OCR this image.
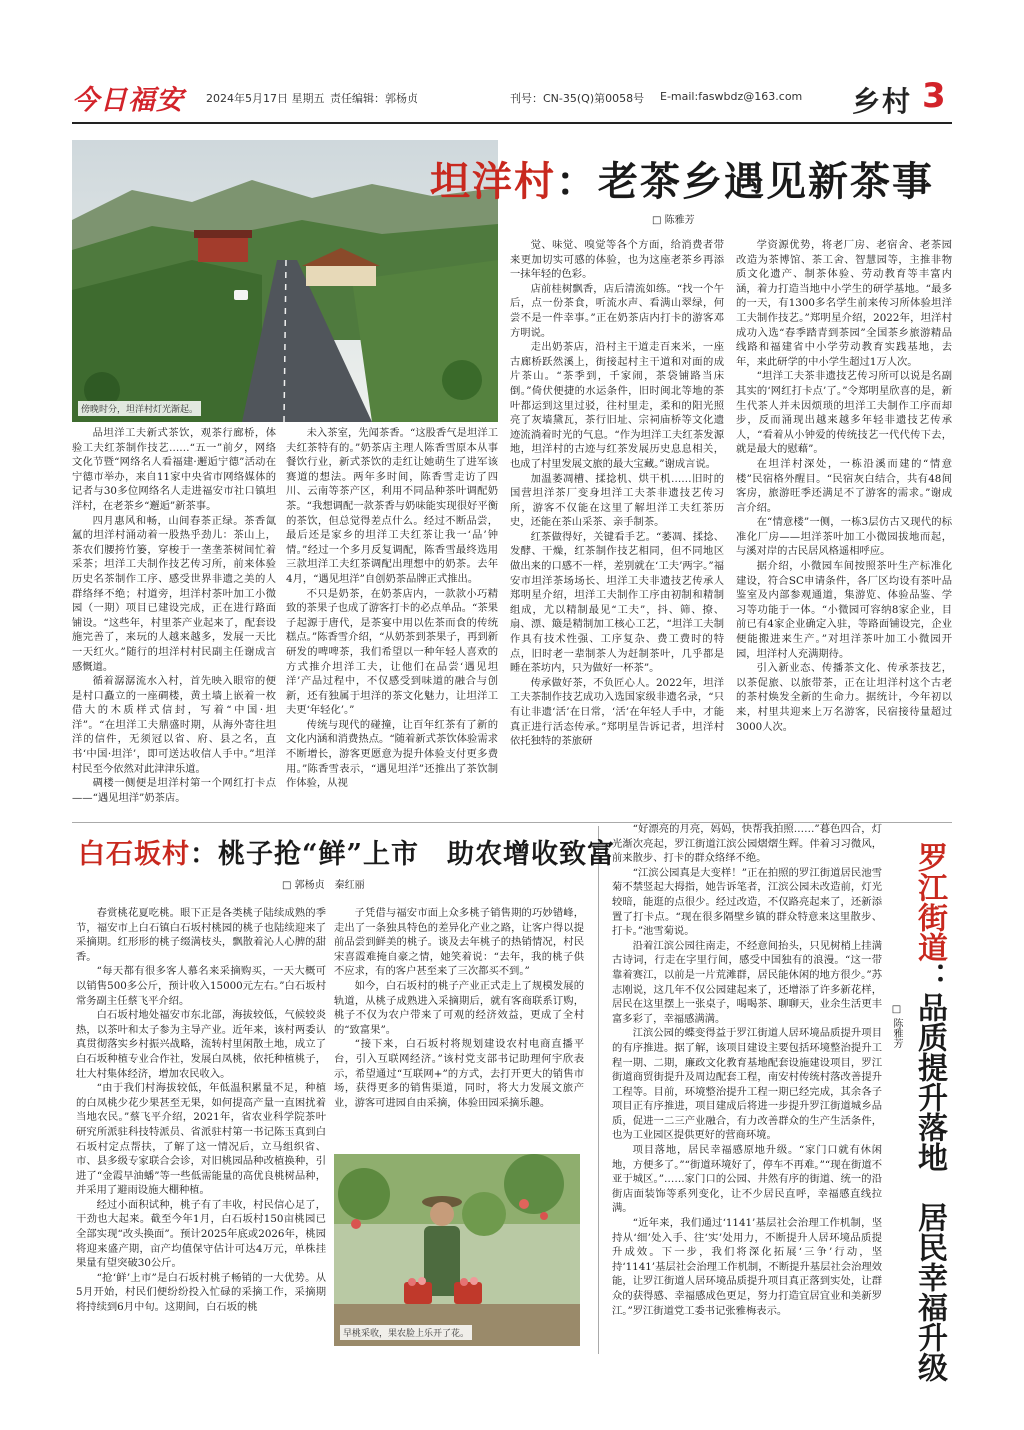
今日福安 2024年5月17日 星期五 责任编辑：郭杨贞	刊号：CN-35(Q)第0058号 E-mail:faswbdz@163.com 乡村 3
傍晚时分，坦洋村灯光渐起。
坦洋村：老茶乡遇见新茶事
□ 陈雅芳

品坦洋工夫新式茶饮，观茶行廊桥，体验工夫红茶制作技艺……“五一”前夕，网络文化节暨“网络名人看福建·邂逅宁德”活动在宁德市举办，来自11家中央省市网络媒体的记者与30多位网络名人走进福安市社口镇坦洋村，在老茶乡“邂逅”新茶事。

四月惠风和畅，山间春茶正绿。茶香氤氲的坦洋村涌动着一股热乎劲儿：茶山上，茶农们腰挎竹篓，穿梭于一垄垄茶树间忙着采茶；坦洋工夫制作技艺传习所，前来体验历史名茶制作工序、感受世界非遗之美的人群络绎不绝；村道旁，坦洋村茶叶加工小微园（一期）项目已建设完成，正在进行路面铺设。“这些年，村里茶产业起来了，配套设施完善了，来玩的人越来越多，发展一天比一天红火。”随行的坦洋村村民副主任谢成言感慨道。

循着潺潺流水入村，首先映入眼帘的便是村口矗立的一座碉楼，黄土墙上嵌着一枚借大的木质样式信封，写着“中国·坦洋”。“在坦洋工夫鼎盛时期，从海外寄往坦洋的信件，无须冠以省、府、县之名，直书‘中国·坦洋’，即可送达收信人手中。”坦洋村民至今依然对此津津乐道。

碉楼一侧便是坦洋村第一个网红打卡点——“遇见坦洋”奶茶店。

未入茶室，先闻茶香。“这股香气是坦洋工夫红茶特有的。”奶茶店主理人陈香雪原本从事餐饮行业，新式茶饮的走红让她萌生了进军该赛道的想法。两年多时间，陈香雪走访了四川、云南等茶产区，利用不同品种茶叶调配奶茶。“我想调配一款茶香与奶味能实现很好平衡的茶饮，但总觉得差点什么。经过不断品尝，最后还是家乡的坦洋工夫红茶让我一‘品’钟情。”经过一个多月反复调配，陈香雪最终选用三款坦洋工夫红茶调配出理想中的奶茶。去年4月，“遇见坦洋”自创奶茶品牌正式推出。

不只是奶茶，在奶茶店内，一款款小巧精致的茶果子也成了游客打卡的必点单品。“茶果子起源于唐代，是茶宴中用以佐茶而食的传统糕点。”陈香雪介绍，“从奶茶到茶果子，再到新研发的啤啤茶，我们希望以一种年轻人喜欢的方式推介坦洋工夫，让他们在品尝‘遇见坦洋’产品过程中，不仅感受到味道的融合与创新，还有独属于坦洋的茶文化魅力，让坦洋工夫更‘年轻化’。”

传统与现代的碰撞，让百年红茶有了新的文化内涵和消费热点。“随着新式茶饮体验需求不断增长，游客更愿意为提升体验支付更多费用。”陈香雪表示，“遇见坦洋”还推出了茶饮制作体验，从视

觉、味觉、嗅觉等各个方面，给消费者带来更加切实可感的体验，也为这座老茶乡再添一抹年轻的色彩。

店前桂树飘香，店后清流如练。“找一个午后，点一份茶食，听流水声、看满山翠绿，何尝不是一件幸事。”正在奶茶店内打卡的游客邓方明说。

走出奶茶店，沿村主干道走百来米，一座古廊桥跃然溪上，街接起村主干道和对面的成片茶山。“茶季到，千家闹，茶袋铺路当床倒。”倚伏便捷的水运条件，旧时闽北等地的茶叶都运到这里过驳，往村里走，柔和的阳光照亮了灰墙黛瓦，茶行旧址、宗祠庙桥等文化遗迹流淌着时光的气息。“作为坦洋工夫红茶发源地，坦洋村的古迹与红茶发展历史息息相关，也成了村里发展文旅的最大宝藏。”谢成言说。

加温萎凋槽、揉捻机、烘干机……旧时的国营坦洋茶厂变身坦洋工夫茶非遗技艺传习所，游客不仅能在这里了解坦洋工夫红茶历史，还能在茶山采茶、亲手制茶。

红茶做得好，关键看手艺。“萎凋、揉捻、发酵、干燥，红茶制作技艺相同，但不同地区做出来的口感不一样，差别就在‘工夫’两字。”福安市坦洋茶场场长、坦洋工夫非遗技艺传承人郑明星介绍，坦洋工夫制作工序由初制和精制组成，尤以精制最见“工夫”，抖、筛、撩、扇、漂、簸是精制加工核心工艺，“坦洋工夫制作具有技术性强、工序复杂、费工费时的特点，旧时老一辈制茶人为赶制茶叶，几乎都是睡在茶坊内，只为做好一杯茶”。

传承做好茶，不负匠心人。2022年，坦洋工夫茶制作技艺成功入选国家级非遗名录，“只有让非遗‘活’在日常，‘活’在年轻人手中，才能真正进行活态传承。”郑明星告诉记者，坦洋村依托独特的茶旅研

学资源优势，将老厂房、老宿舍、老茶园改造为茶博馆、茶工舍、智慧园等，主推非物质文化遗产、制茶体验、劳动教育等丰富内涵，着力打造当地中小学生的研学基地。“最多的一天，有1300多名学生前来传习所体验坦洋工夫制作技艺。”郑明星介绍，2022年，坦洋村成功入选“春季踏青到茶园”全国茶乡旅游精品线路和福建省中小学劳动教育实践基地，去年，来此研学的中小学生超过1万人次。

“坦洋工夫茶非遗技艺传习所可以说是名副其实的‘网红打卡点’了。”令郑明星欣喜的是，新生代茶人并未因烦琐的坦洋工夫制作工序而却步，反而涌现出越来越多年轻非遗技艺传承人，“看着从小钟爱的传统技艺一代代传下去，就是最大的慰藉”。

在坦洋村深处，一栋沿溪而建的“情意楼”民宿格外醒目。“民宿灰白结合，共有48间客房，旅游旺季还满足不了游客的需求。”谢成言介绍。

在“情意楼”一侧，一栋3层仿古又现代的标准化厂房——坦洋茶叶加工小微园拔地而起，与溪对岸的古民居风格遥相呼应。

据介绍，小微园车间按照茶叶生产标准化建设，符合SC申请条件，各厂区均设有茶叶品鉴室及内部参观通道，集游览、体验品鉴、学习等功能于一体。“小微园可容纳8家企业，目前已有4家企业确定入驻，等路面铺设完，企业便能搬进来生产。”对坦洋茶叶加工小微园开园，坦洋村人充满期待。

引入新业态、传播茶文化、传承茶技艺，以茶促旅、以旅带茶，正在让坦洋村这个古老的茶村焕发全新的生命力。据统计，今年初以来，村里共迎来上万名游客，民宿接待量超过3000人次。

白石坂村：桃子抢“鲜”上市　助农增收致富
□ 郭杨贞　秦红丽

春赏桃花夏吃桃。眼下正是各类桃子陆续成熟的季节，福安市上白石镇白石坂村桃园的桃子也陆续迎来了采摘期。红形形的桃子缀满枝头，飘散着沁人心脾的甜香。

“每天都有很多客人慕名来采摘购买，一天大概可以销售500多公斤，预计收入15000元左右。”白石坂村常务副主任蔡飞平介绍。

白石坂村地处福安市东北部，海拔较低，气候较炎热，以茶叶和太子参为主导产业。近年来，该村两委认真贯彻落实乡村振兴战略，流转村里闲散土地，成立了白石坂种植专业合作社，发展白凤桃，依托种植桃子，壮大村集体经济，增加农民收入。

“由于我们村海拔较低，年低温积累量不足，种植的白凤桃少花少果甚至无果，如何提高产量一直困扰着当地农民。”蔡飞平介绍，2021年，省农业科学院茶叶研究所派驻科技特派员、省派驻村第一书记陈玉真到白石坂村定点帮扶，了解了这一情况后，立马组织省、市、县多级专家联合会诊，对旧桃园品种改植换种，引进了“金霞早油蟠”等一些低需能量的高优良桃树品种，并采用了避雨设施大棚种植。

经过小面积试种，桃子有了丰收，村民信心足了，干劲也大起来。截至今年1月，白石坂村150亩桃园已全部实现“改头换面”。预计2025年底或2026年，桃园将迎来盛产期，亩产均值保守估计可达4万元，单株挂果量有望突破30公斤。

“抢‘鲜’上市”是白石坂村桃子畅销的一大优势。从5月开始，村民们便纷纷投入忙碌的采摘工作，采摘期将持续到6月中旬。这期间，白石坂的桃

子凭借与福安市面上众多桃子销售期的巧妙错峰，走出了一条独具特色的差异化产业之路，让客户得以提前品尝到鲜美的桃子。谈及去年桃子的热销情况，村民宋喜霞难掩自豪之情，她笑着说：“去年，我的桃子供不应求，有的客户甚至来了三次都买不到。”

如今，白石坂村的桃子产业正式走上了规模发展的轨道，从桃子成熟进入采摘期后，就有客商联系订购，桃子不仅为农户带来了可观的经济效益，更成了全村的“致富果”。

“接下来，白石坂村将规划建设农村电商直播平台，引入互联网经济。”该村党支部书记助理何宇欣表示，希望通过“互联网+”的方式，去打开更大的销售市场，获得更多的销售渠道，同时，将大力发展文旅产业，游客可进园自由采摘，体验田园采摘乐趣。

早桃采收，果农脸上乐开了花。

“好漂亮的月亮，妈妈，快帮我拍照……”暮色四合，灯光渐次亮起，罗江街道江滨公园熠熠生辉。伴着习习微风，前来散步、打卡的群众络绎不绝。

“江滨公园真是大变样！”正在拍照的罗江街道居民池雪菊不禁竖起大拇指，她告诉笔者，江滨公园未改造前，灯光较暗，能逛的点很少。经过改造，不仅路亮起来了，还新添置了打卡点。“现在很多隔壁乡镇的群众特意来这里散步、打卡。”池雪菊说。

沿着江滨公园往南走，不经意间抬头，只见树梢上挂满古诗词，行走在字里行间，感受中国独有的浪漫。“这一带靠着赛江，以前是一片荒滩群，居民能休闲的地方很少。”苏志刚说，这几年不仅公园建起来了，还增添了许多新花样，居民在这里摆上一张桌子，喝喝茶、聊聊天，业余生活更丰富多彩了，幸福感满满。

江滨公园的蝶变得益于罗江街道人居环境品质提升项目的有序推进。据了解，该项目建设主要包括环境整治提升工程一期、二期，廉政文化教育基地配套设施建设项目，罗江街道商贸街提升及周边配套工程，南安村传统村落改善提升工程等。目前，环境整治提升工程一期已经完成，其余各子项目正有序推进，项目建成后将进一步提升罗江街道城乡品质，促进一二三产业融合，有力改善群众的生产生活条件，也为工业园区提供更好的营商环境。

项目落地，居民幸福感原地升级。“家门口就有休闲地，方便多了。”“街道环境好了，停车不再难。”“现在街道不亚于城区。”……家门口的公园、井然有序的街道、统一的沿街店面装饰等系列变化，让不少居民直呼，幸福感直线拉满。

“近年来，我们通过‘1141’基层社会治理工作机制，坚持从‘细’处入手、往‘实’处用力，不断提升人居环境品质提升成效。下一步，我们将深化拓展‘三争’行动，坚持‘1141’基层社会治理工作机制，不断提升基层社会治理效能，让罗江街道人居环境品质提升项目真正落到实处，让群众的获得感、幸福感成色更足，努力打造宜居宜业和美新罗江。”罗江街道党工委书记张雅梅表示。

罗江街道：品质提升落地　居民幸福升级
□ 陈雅芳
